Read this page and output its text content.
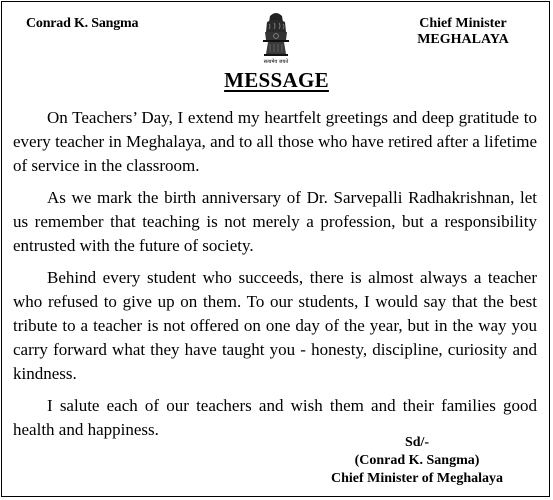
Conrad K. Sangma
सत्यमेव जयते
Chief Minister
MEGHALAYA
MESSAGE

On Teachers’ Day, I extend my heartfelt greetings and deep gratitude to every teacher in Meghalaya, and to all those who have retired after a lifetime of service in the classroom.

As we mark the birth anniversary of Dr. Sarvepalli Radhakrishnan, let us remember that teaching is not merely a profession, but a responsibility entrusted with the future of society.

Behind every student who succeeds, there is almost always a teacher who refused to give up on them. To our students, I would say that the best tribute to a teacher is not offered on one day of the year, but in the way you carry forward what they have taught you - honesty, discipline, curiosity and kindness.

I salute each of our teachers and wish them and their families good health and happiness.

Sd/-
(Conrad K. Sangma)
Chief Minister of Meghalaya
